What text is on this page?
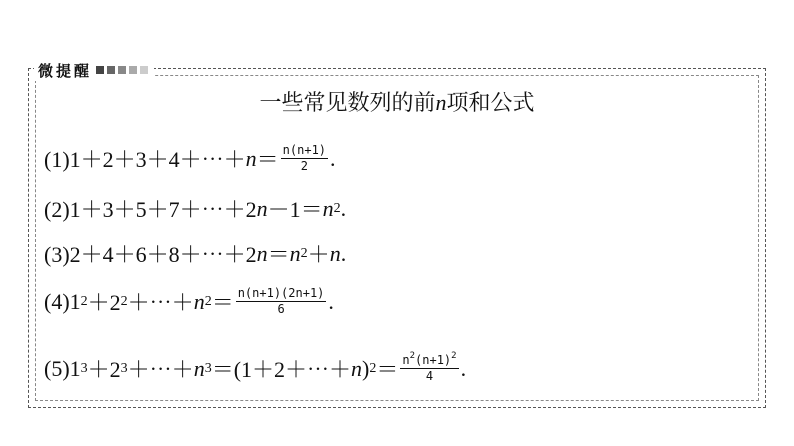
微提醒
一些常见数列的前n项和公式
(1)1＋2＋3＋4＋⋯＋ $n = \frac{n(n+1)}{2}$ .
(2)1＋3＋5＋7＋⋯＋2 n －1＝ n 2 .
(3)2＋4＋6＋8＋⋯＋2 n ＝ n 2 ＋ n .
(4)1 2 ＋2 2 ＋⋯＋ n $2 = \frac{n(n+1)(2n+1)}{6}$ .
(5)1 3 ＋2 3 ＋⋯＋ n 3 ＝(1＋2＋⋯＋ n ) $2 = \frac{n^2(n+1)^2}{4}$ .
